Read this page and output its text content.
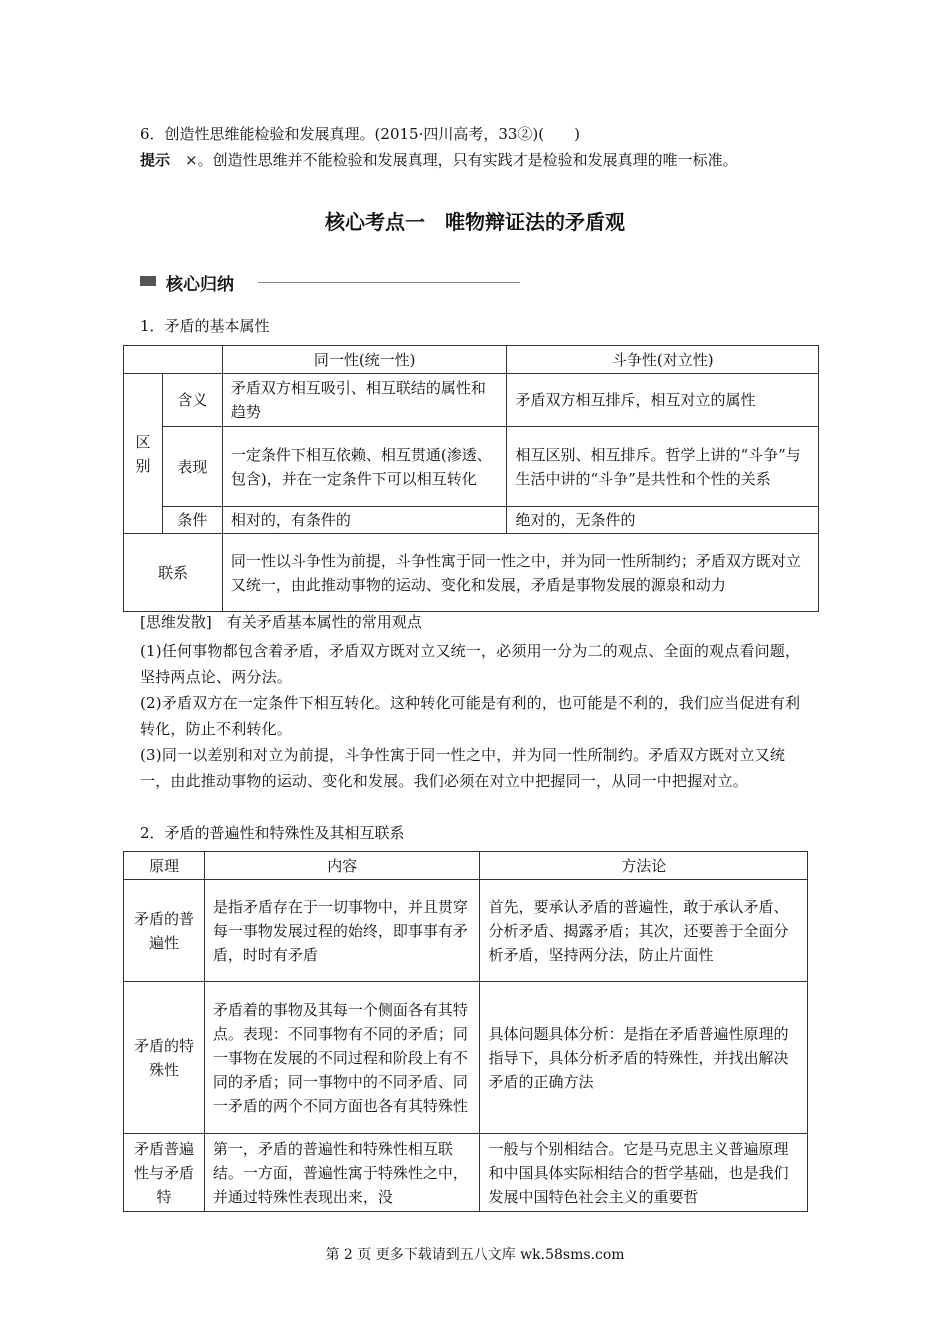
6．创造性思维能检验和发展真理。(2015·四川高考，33②)(　　)
提示　×。创造性思维并不能检验和发展真理，只有实践才是检验和发展真理的唯一标准。
核心考点一　唯物辩证法的矛盾观
核心归纳
1．矛盾的基本属性
		同一性(统一性)	斗争性(对立性)
区
别	含义	矛盾双方相互吸引、相互联结的属性和趋势	矛盾双方相互排斥，相互对立的属性
	表现	一定条件下相互依赖、相互贯通(渗透、包含)，并在一定条件下可以相互转化	相互区别、相互排斥。哲学上讲的“斗争”与生活中讲的“斗争”是共性和个性的关系
	条件	相对的，有条件的	绝对的，无条件的
联系		同一性以斗争性为前提，斗争性寓于同一性之中，并为同一性所制约；矛盾双方既对立又统一，由此推动事物的运动、变化和发展，矛盾是事物发展的源泉和动力	
[思维发散]　有关矛盾基本属性的常用观点
(1)任何事物都包含着矛盾，矛盾双方既对立又统一，必须用一分为二的观点、全面的观点看问题，坚持两点论、两分法。
(2)矛盾双方在一定条件下相互转化。这种转化可能是有利的，也可能是不利的，我们应当促进有利转化，防止不利转化。
(3)同一以差别和对立为前提，斗争性寓于同一性之中，并为同一性所制约。矛盾双方既对立又统一，由此推动事物的运动、变化和发展。我们必须在对立中把握同一，从同一中把握对立。
2．矛盾的普遍性和特殊性及其相互联系
原理	内容	方法论
矛盾的普遍性	是指矛盾存在于一切事物中，并且贯穿每一事物发展过程的始终，即事事有矛盾，时时有矛盾	首先，要承认矛盾的普遍性，敢于承认矛盾、分析矛盾、揭露矛盾；其次，还要善于全面分析矛盾，坚持两分法，防止片面性
矛盾的特殊性	矛盾着的事物及其每一个侧面各有其特点。表现：不同事物有不同的矛盾；同一事物在发展的不同过程和阶段上有不同的矛盾；同一事物中的不同矛盾、同一矛盾的两个不同方面也各有其特殊性	具体问题具体分析：是指在矛盾普遍性原理的指导下，具体分析矛盾的特殊性，并找出解决矛盾的正确方法
矛盾普遍性与矛盾特	第一，矛盾的普遍性和特殊性相互联结。一方面，普遍性寓于特殊性之中，并通过特殊性表现出来，没	一般与个别相结合。它是马克思主义普遍原理和中国具体实际相结合的哲学基础，也是我们发展中国特色社会主义的重要哲
第 2 页 更多下载请到五八文库 wk.58sms.com
